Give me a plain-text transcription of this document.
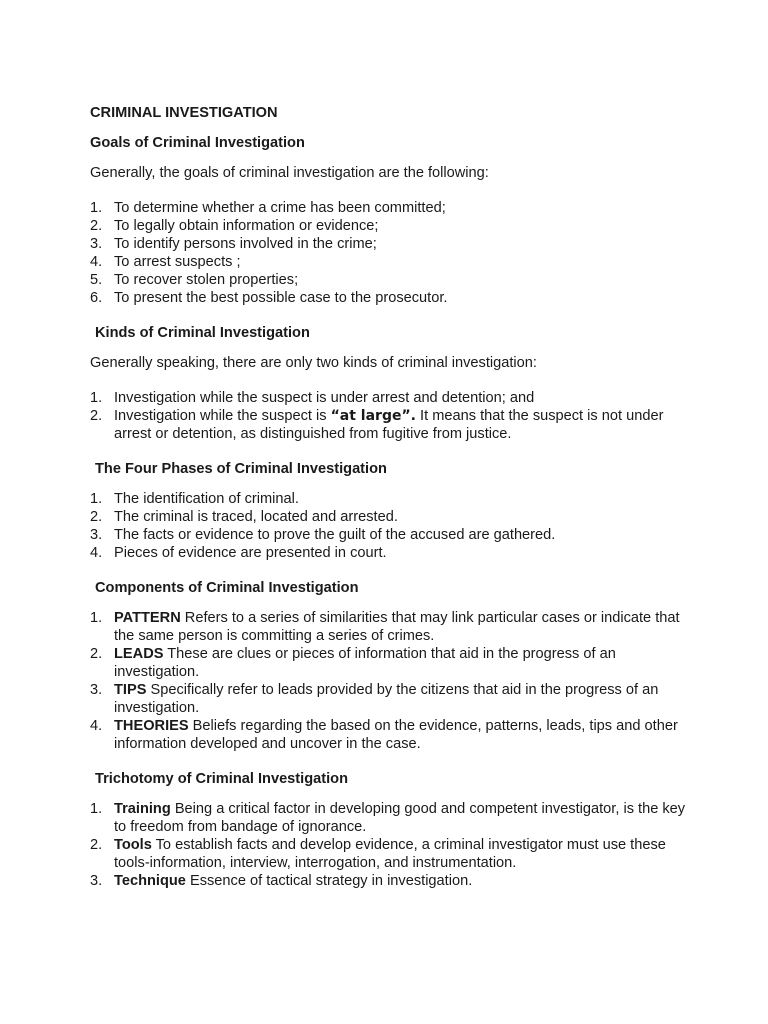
CRIMINAL INVESTIGATION
Goals of Criminal Investigation

Generally, the goals of criminal investigation are the following:

1. To determine whether a crime has been committed;
2. To legally obtain information or evidence;
3. To identify persons involved in the crime;
4. To arrest suspects ;
5. To recover stolen properties;
6. To present the best possible case to the prosecutor.
Kinds of Criminal Investigation

Generally speaking, there are only two kinds of criminal investigation:

1. Investigation while the suspect is under arrest and detention; and
2. Investigation while the suspect is “at large”. It means that the suspect is not under arrest or detention, as distinguished from fugitive from justice.
The Four Phases of Criminal Investigation
1. The identification of criminal.
2. The criminal is traced, located and arrested.
3. The facts or evidence to prove the guilt of the accused are gathered.
4. Pieces of evidence are presented in court.
Components of Criminal Investigation
1. PATTERN Refers to a series of similarities that may link particular cases or indicate that the same person is committing a series of crimes.
2. LEADS These are clues or pieces of information that aid in the progress of an investigation.
3. TIPS Specifically refer to leads provided by the citizens that aid in the progress of an investigation.
4. THEORIES Beliefs regarding the based on the evidence, patterns, leads, tips and other information developed and uncover in the case.
Trichotomy of Criminal Investigation
1. Training Being a critical factor in developing good and competent investigator, is the key to freedom from bandage of ignorance.
2. Tools To establish facts and develop evidence, a criminal investigator must use these tools-information, interview, interrogation, and instrumentation.
3. Technique Essence of tactical strategy in investigation.
